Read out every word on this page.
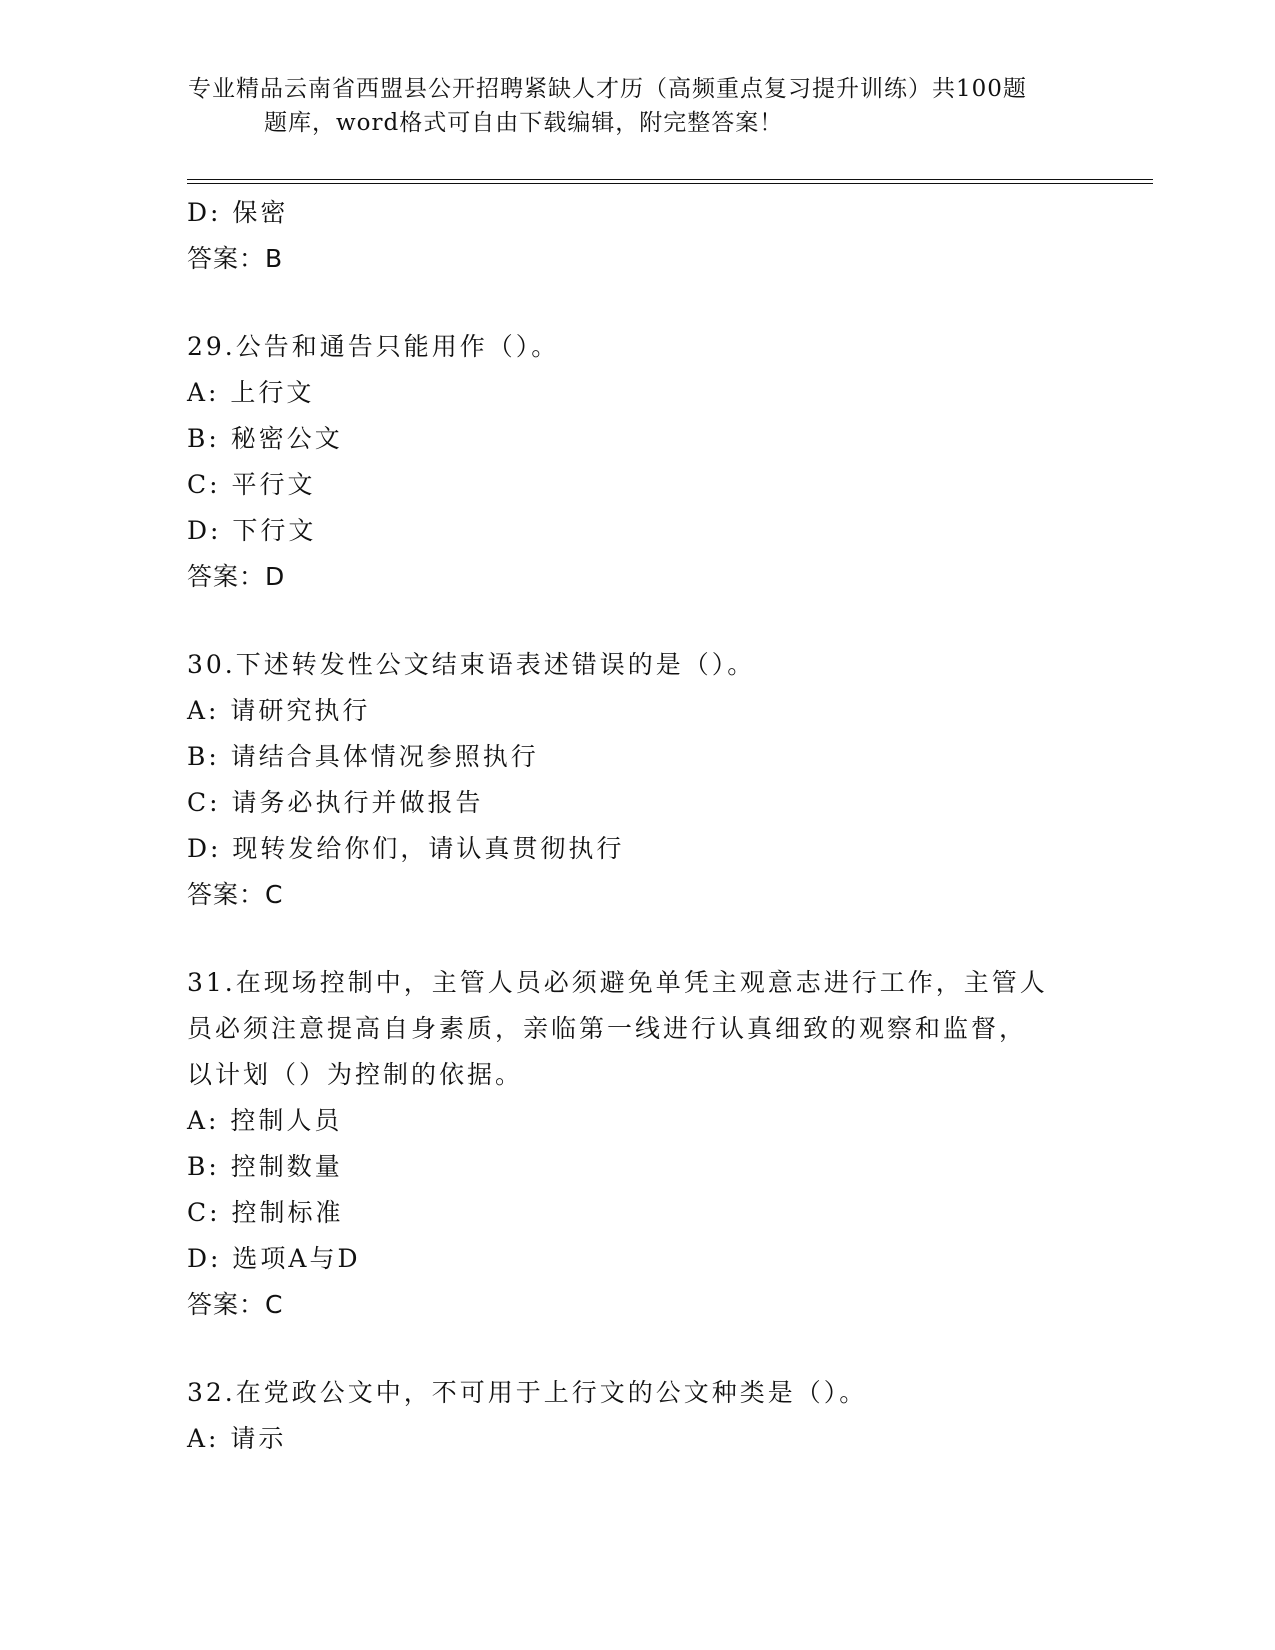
专业精品云南省西盟县公开招聘紧缺人才历（高频重点复习提升训练）共100题
题库，word格式可自由下载编辑，附完整答案！
D: 保密
答案：B
29.公告和通告只能用作（）。
A: 上行文
B: 秘密公文
C: 平行文
D: 下行文
答案：D
30.下述转发性公文结束语表述错误的是（）。
A: 请研究执行
B: 请结合具体情况参照执行
C: 请务必执行并做报告
D: 现转发给你们，请认真贯彻执行
答案：C
31.在现场控制中，主管人员必须避免单凭主观意志进行工作，主管人
员必须注意提高自身素质，亲临第一线进行认真细致的观察和监督，
以计划（）为控制的依据。
A: 控制人员
B: 控制数量
C: 控制标准
D: 选项A与D
答案：C
32.在党政公文中，不可用于上行文的公文种类是（）。
A: 请示
